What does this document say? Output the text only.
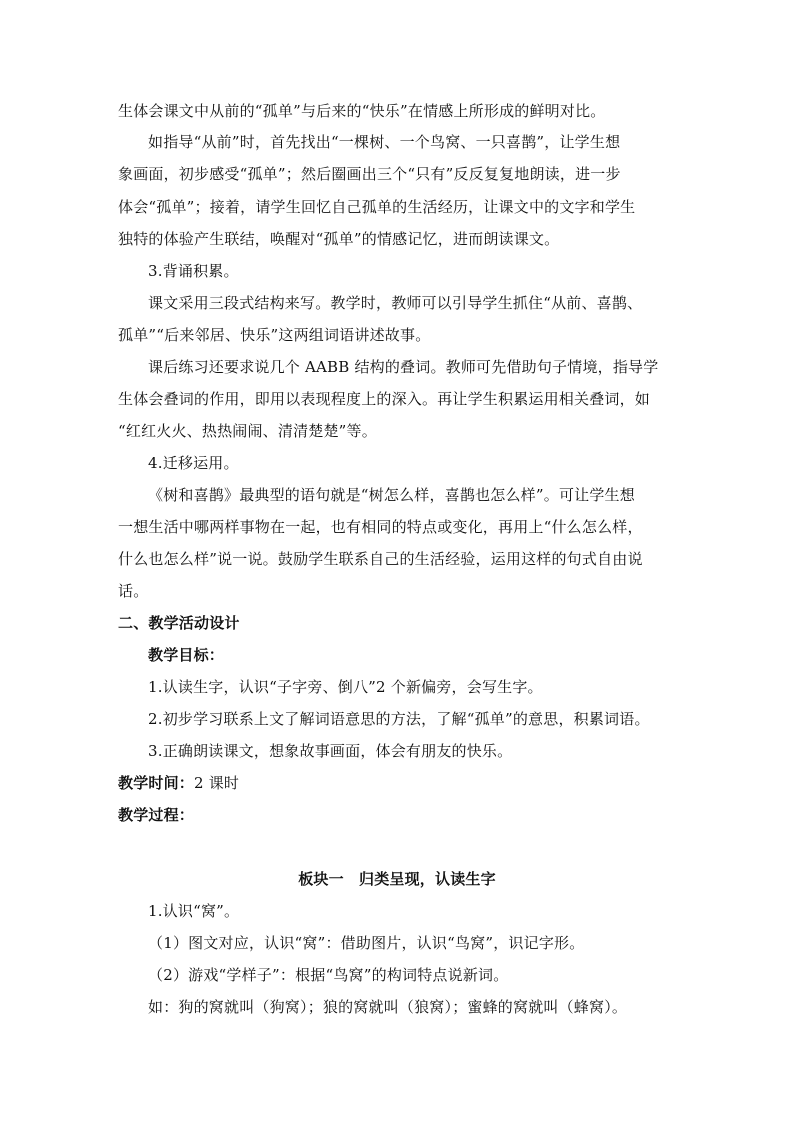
生体会课文中从前的“孤单”与后来的“快乐”在情感上所形成的鲜明对比。
如指导“从前”时，首先找出“一棵树、一个鸟窝、一只喜鹊”，让学生想
象画面，初步感受“孤单”；然后圈画出三个“只有”反反复复地朗读，进一步
体会“孤单”；接着，请学生回忆自己孤单的生活经历，让课文中的文字和学生
独特的体验产生联结，唤醒对“孤单”的情感记忆，进而朗读课文。
3.背诵积累。
课文采用三段式结构来写。教学时，教师可以引导学生抓住“从前、喜鹊、
孤单”“后来邻居、快乐”这两组词语讲述故事。
课后练习还要求说几个 AABB 结构的叠词。教师可先借助句子情境，指导学
生体会叠词的作用，即用以表现程度上的深入。再让学生积累运用相关叠词，如
“红红火火、热热闹闹、清清楚楚”等。
4.迁移运用。
《树和喜鹊》最典型的语句就是“树怎么样，喜鹊也怎么样”。可让学生想
一想生活中哪两样事物在一起，也有相同的特点或变化，再用上“什么怎么样，
什么也怎么样”说一说。鼓励学生联系自己的生活经验，运用这样的句式自由说
话。
二、教学活动设计
教学目标：
1.认读生字，认识“子字旁、倒八”2 个新偏旁，会写生字。
2.初步学习联系上文了解词语意思的方法，了解“孤单”的意思，积累词语。
3.正确朗读课文，想象故事画面，体会有朋友的快乐。
教学时间：2 课时
教学过程：
板块一　归类呈现，认读生字
1.认识“窝”。
（1）图文对应，认识“窝”：借助图片，认识“鸟窝”，识记字形。
（2）游戏“学样子”：根据“鸟窝”的构词特点说新词。
如：狗的窝就叫（狗窝）；狼的窝就叫（狼窝）；蜜蜂的窝就叫（蜂窝）。
